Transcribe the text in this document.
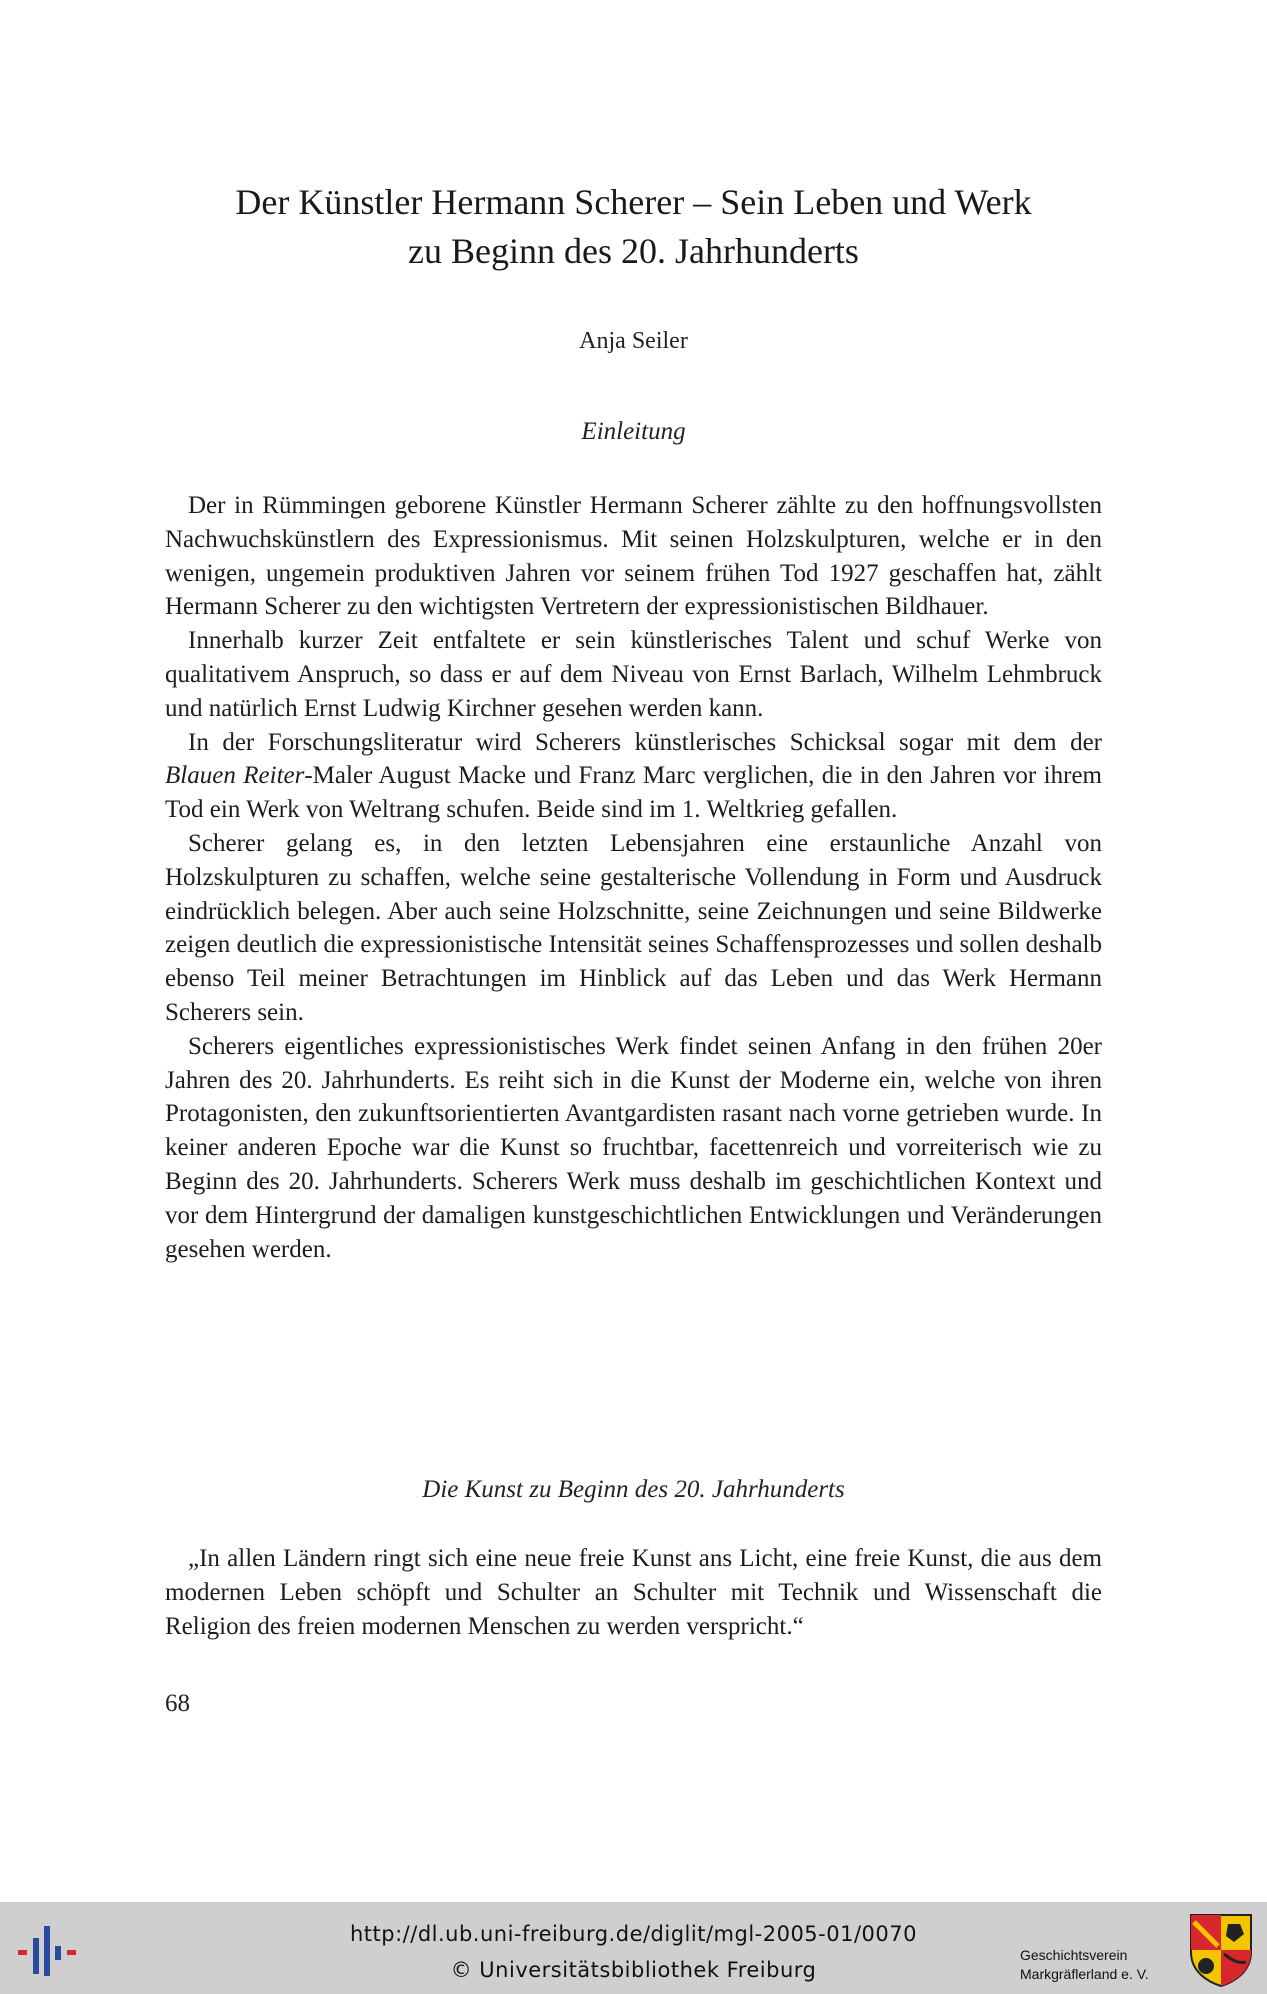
Der Künstler Hermann Scherer – Sein Leben und Werk
zu Beginn des 20. Jahrhunderts
Anja Seiler
Einleitung

Der in Rümmingen geborene Künstler Hermann Scherer zählte zu den hoffnungsvollsten Nachwuchskünstlern des Expressionismus. Mit seinen Holzskulpturen, welche er in den wenigen, ungemein produktiven Jahren vor seinem frühen Tod 1927 geschaffen hat, zählt Hermann Scherer zu den wichtigsten Vertretern der expressionistischen Bildhauer.

Innerhalb kurzer Zeit entfaltete er sein künstlerisches Talent und schuf Werke von qualitativem Anspruch, so dass er auf dem Niveau von Ernst Barlach, Wilhelm Lehmbruck und natürlich Ernst Ludwig Kirchner gesehen werden kann.

In der Forschungsliteratur wird Scherers künstlerisches Schicksal sogar mit dem der Blauen Reiter-Maler August Macke und Franz Marc verglichen, die in den Jahren vor ihrem Tod ein Werk von Weltrang schufen. Beide sind im 1. Weltkrieg gefallen.

Scherer gelang es, in den letzten Lebensjahren eine erstaunliche Anzahl von Holzskulpturen zu schaffen, welche seine gestalterische Vollendung in Form und Ausdruck eindrücklich belegen. Aber auch seine Holzschnitte, seine Zeichnungen und seine Bildwerke zeigen deutlich die expressionistische Intensität seines Schaffensprozesses und sollen deshalb ebenso Teil meiner Betrachtungen im Hinblick auf das Leben und das Werk Hermann Scherers sein.

Scherers eigentliches expressionistisches Werk findet seinen Anfang in den frühen 20er Jahren des 20. Jahrhunderts. Es reiht sich in die Kunst der Moderne ein, welche von ihren Protagonisten, den zukunftsorientierten Avantgardisten rasant nach vorne getrieben wurde. In keiner anderen Epoche war die Kunst so fruchtbar, facettenreich und vorreiterisch wie zu Beginn des 20. Jahrhunderts. Scherers Werk muss deshalb im geschichtlichen Kontext und vor dem Hintergrund der damaligen kunstgeschichtlichen Entwicklungen und Veränderungen gesehen werden.

Die Kunst zu Beginn des 20. Jahrhunderts

„In allen Ländern ringt sich eine neue freie Kunst ans Licht, eine freie Kunst, die aus dem modernen Leben schöpft und Schulter an Schulter mit Technik und Wissenschaft die Religion des freien modernen Menschen zu werden verspricht.“

68
http://dl.ub.uni-freiburg.de/diglit/mgl-2005-01/0070
© Universitätsbibliothek Freiburg
Geschichtsverein
Markgräflerland e. V.
